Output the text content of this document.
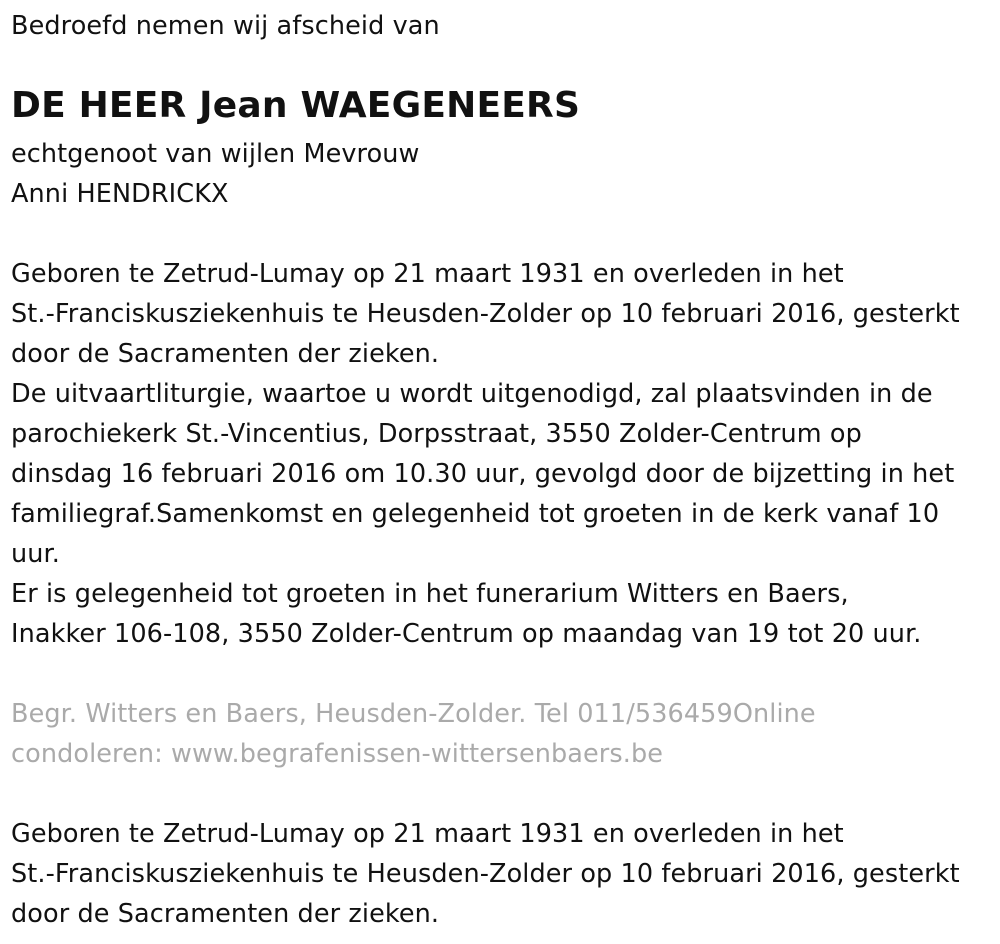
Bedroefd nemen wij afscheid van
DE HEER Jean WAEGENEERS
echtgenoot van wijlen Mevrouw
Anni HENDRICKX
Geboren te Zetrud-Lumay op 21 maart 1931 en overleden in het
St.-Franciskusziekenhuis te Heusden-Zolder op 10 februari 2016, gesterkt
door de Sacramenten der zieken.
De uitvaartliturgie, waartoe u wordt uitgenodigd, zal plaatsvinden in de
parochiekerk St.-Vincentius, Dorpsstraat, 3550 Zolder-Centrum op
dinsdag 16 februari 2016 om 10.30 uur, gevolgd door de bijzetting in het
familiegraf.Samenkomst en gelegenheid tot groeten in de kerk vanaf 10
uur.
Er is gelegenheid tot groeten in het funerarium Witters en Baers,
Inakker 106-108, 3550 Zolder-Centrum op maandag van 19 tot 20 uur.
Begr. Witters en Baers, Heusden-Zolder. Tel 011/536459Online
condoleren: www.begrafenissen-wittersenbaers.be
Geboren te Zetrud-Lumay op 21 maart 1931 en overleden in het
St.-Franciskusziekenhuis te Heusden-Zolder op 10 februari 2016, gesterkt
door de Sacramenten der zieken.
